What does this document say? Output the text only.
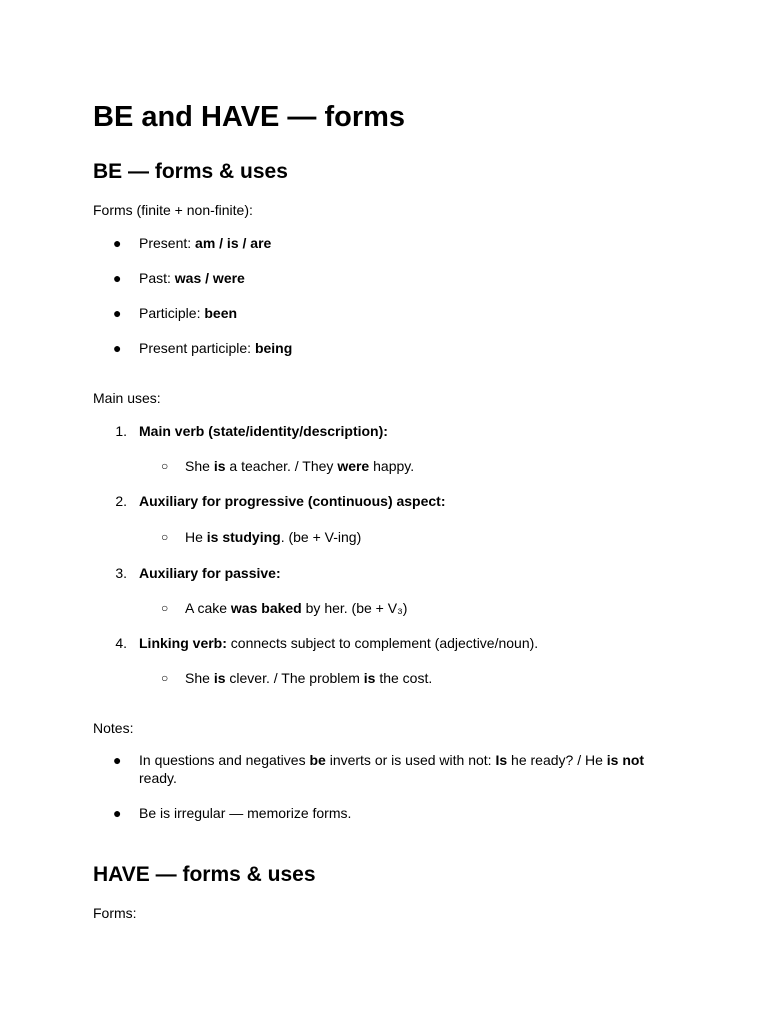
BE and HAVE — forms
BE — forms & uses
Forms (finite + non-finite):
● Present: am / is / are
● Past: was / were
● Participle: been
● Present participle: being
Main uses:
1. Main verb (state/identity/description):
○	She is a teacher. / They were happy.
2. Auxiliary for progressive (continuous) aspect:
○	He is studying. (be + V-ing)
3. Auxiliary for passive:
○	A cake was baked by her. (be + V₃)
4. Linking verb: connects subject to complement (adjective/noun).
○	She is clever. / The problem is the cost.
Notes:
● In questions and negatives be inverts or is used with not: Is he ready? / He is not ready.
● Be is irregular — memorize forms.
HAVE — forms & uses
Forms:
